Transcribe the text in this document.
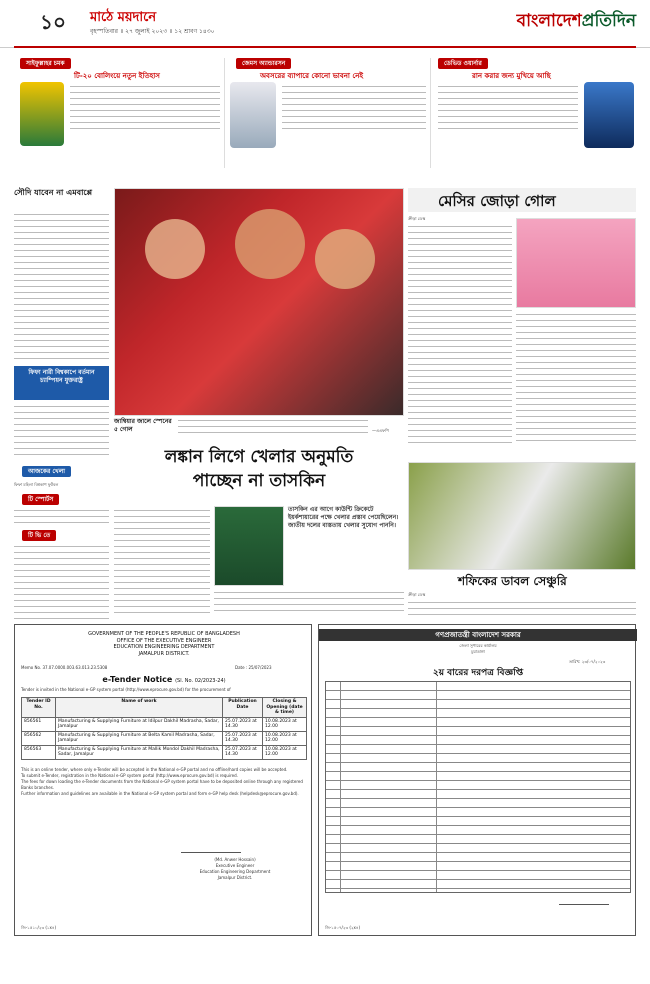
১০ মাঠে ময়দানে
বৃহস্পতিবার ॥ ২৭ জুলাই ২০২৩ ॥ ১২ শ্রাবণ ১৪৩০
বাংলাদেশপ্রতিদিন
সাইফুল্লাহর চমক
টি-২০ বোলিংয়ে নতুন ইতিহাস
জেমস অ্যান্ডারসন
অবসরের ব্যাপারে কোনো ভাবনা নেই
ডেভিড ওয়ার্নার
রান করার জন্য মুখিয়ে আছি
সৌদি যাবেন না এমবাপ্পে
ফিফা নারী বিশ্বকাপে বর্তমান চ্যাম্পিয়ন যুক্তরাষ্ট্র
আজকের খেলা
ফিফা মহিলা বিশ্বকাপ ফুটবল
টি স্পোর্টস
টি ভি তে
জাম্বিয়ার জালে স্পেনের ৫ গোল	—এএফপি
মেসির জোড়া গোল
ক্রীড়া ডেস্ক
লঙ্কান লিগে খেলার অনুমতি
পাচ্ছেন না তাসকিন
তাসকিন এর আগে কাউন্টি ক্রিকেটে ইয়র্কশায়ারের পক্ষে খেলার প্রস্তাব পেয়েছিলেন। জাতীয় দলের ব্যস্ততায় খেলার সুযোগ পাননি।
শফিকের ডাবল সেঞ্চুরি
ক্রীড়া ডেস্ক
GOVERNMENT OF THE PEOPLE'S REPUBLIC OF BANGLADESH
OFFICE OF THE EXECUTIVE ENGINEER
EDUCATION ENGINEERING DEPARTMENT
JAMALPUR DISTRICT.
Memo No. 37.07.0000.003.63.013.23.5308	Date : 25/07/2023
e-Tender Notice (Sl. No. 02/2023-24)
Tender is invited in the National e-GP system portal (http://www.eprocure.gov.bd) for the procurement of
Tender ID No.	Name of work	Publication Date	Closing & Opening (date & time)
856561	Manufacturing & Supplying Furniture at Idilpur Dakhil Madrasha, Sadar, Jamalpur	25.07.2023 at 14.30	10.08.2023 at 12.00
856562	Manufacturing & Supplying Furniture at Belta Kamil Madrasha, Sadar, Jamalpur	25.07.2023 at 14.30	10.08.2023 at 12.00
856563	Manufacturing & Supplying Furniture at Mallik Mondol Dakhil Madrasha, Sadar, Jamalpur	25.07.2023 at 14.30	10.08.2023 at 12.00
This is an online tender, where only e-Tender will be accepted in the National e-GP portal and no offline/hard copies will be accepted.
To submit e-Tender, registration in the National e-GP system portal (http://www.eprocure.gov.bd) is required.
The fees for down loading the e-Tender documents from the National e-GP system portal have to be deposited online through any registered Banks branches.
Further information and guidelines are available in the National e-GP system portal and form e-GP help desk (helpdesk@eprocure.gov.bd).
(Md. Anwer Hossain)
Executive Engineer
Education Engineering Department
Jamalpur District.
জি-১৫১০/২৩ (১x৪)
গণপ্রজাতন্ত্রী বাংলাদেশ সরকার
জেলা সুপারের কার্যালয়
চুয়াডাঙ্গা
তারিখ: ২৩/০৭/২০২৩
২য় বারের দরপত্র বিজ্ঞপ্তি
জি-১৫০৭/২৩ (২x৪)
